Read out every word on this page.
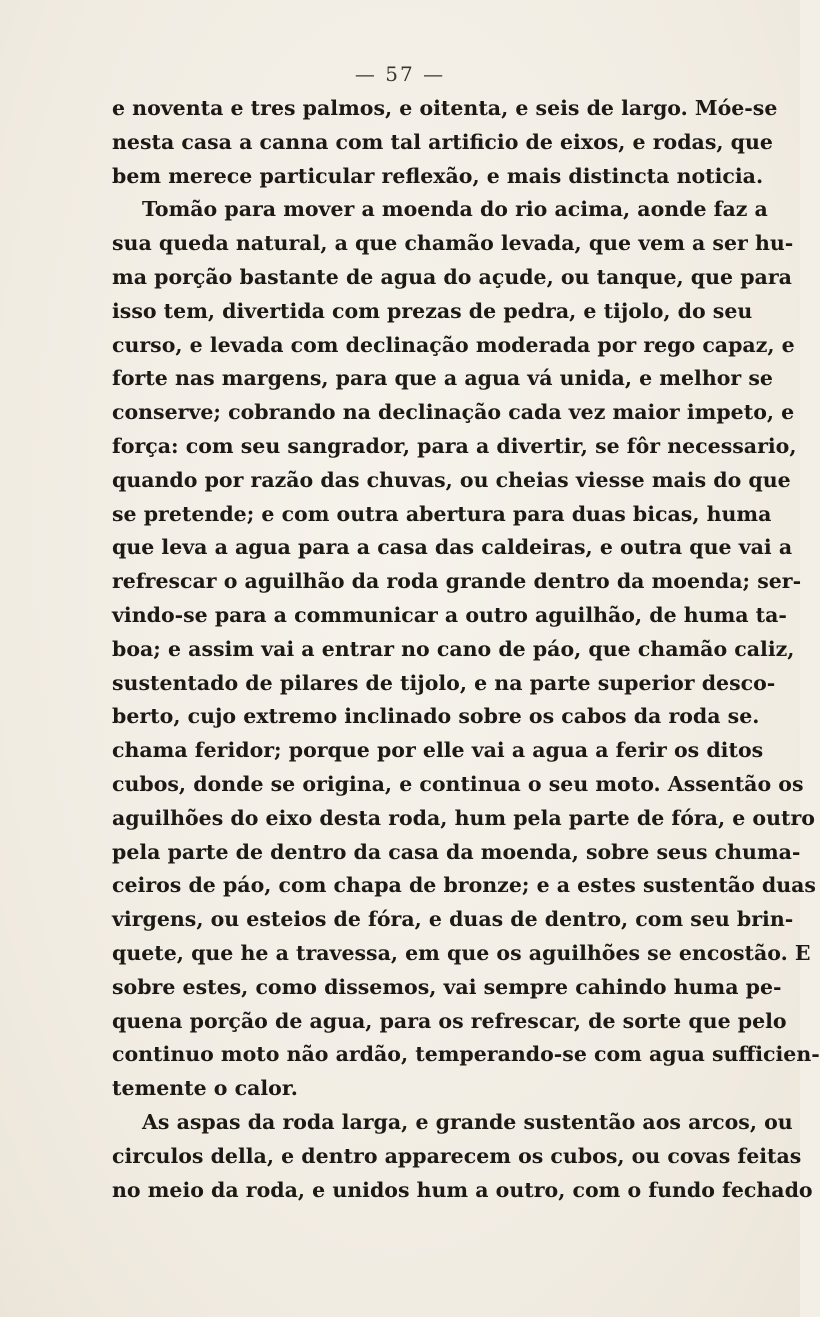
— 57 —
e noventa e tres palmos, e oitenta, e seis de largo. Móe-se
nesta casa a canna com tal artificio de eixos, e rodas, que
bem merece particular reflexão, e mais distincta noticia.
Tomão para mover a moenda do rio acima, aonde faz a
sua queda natural, a que chamão levada, que vem a ser hu-
ma porção bastante de agua do açude, ou tanque, que para
isso tem, divertida com prezas de pedra, e tijolo, do seu
curso, e levada com declinação moderada por rego capaz, e
forte nas margens, para que a agua vá unida, e melhor se
conserve; cobrando na declinação cada vez maior impeto, e
força: com seu sangrador, para a divertir, se fôr necessario,
quando por razão das chuvas, ou cheias viesse mais do que
se pretende; e com outra abertura para duas bicas, huma
que leva a agua para a casa das caldeiras, e outra que vai a
refrescar o aguilhão da roda grande dentro da moenda; ser-
vindo-se para a communicar a outro aguilhão, de huma ta-
boa; e assim vai a entrar no cano de páo, que chamão caliz,
sustentado de pilares de tijolo, e na parte superior desco-
berto, cujo extremo inclinado sobre os cabos da roda se.
chama feridor; porque por elle vai a agua a ferir os ditos
cubos, donde se origina, e continua o seu moto. Assentão os
aguilhões do eixo desta roda, hum pela parte de fóra, e outro
pela parte de dentro da casa da moenda, sobre seus chuma-
ceiros de páo, com chapa de bronze; e a estes sustentão duas
virgens, ou esteios de fóra, e duas de dentro, com seu brin-
quete, que he a travessa, em que os aguilhões se encostão. E
sobre estes, como dissemos, vai sempre cahindo huma pe-
quena porção de agua, para os refrescar, de sorte que pelo
continuo moto não ardão, temperando-se com agua sufficien-
temente o calor.
As aspas da roda larga, e grande sustentão aos arcos, ou
circulos della, e dentro apparecem os cubos, ou covas feitas
no meio da roda, e unidos hum a outro, com o fundo fechado
